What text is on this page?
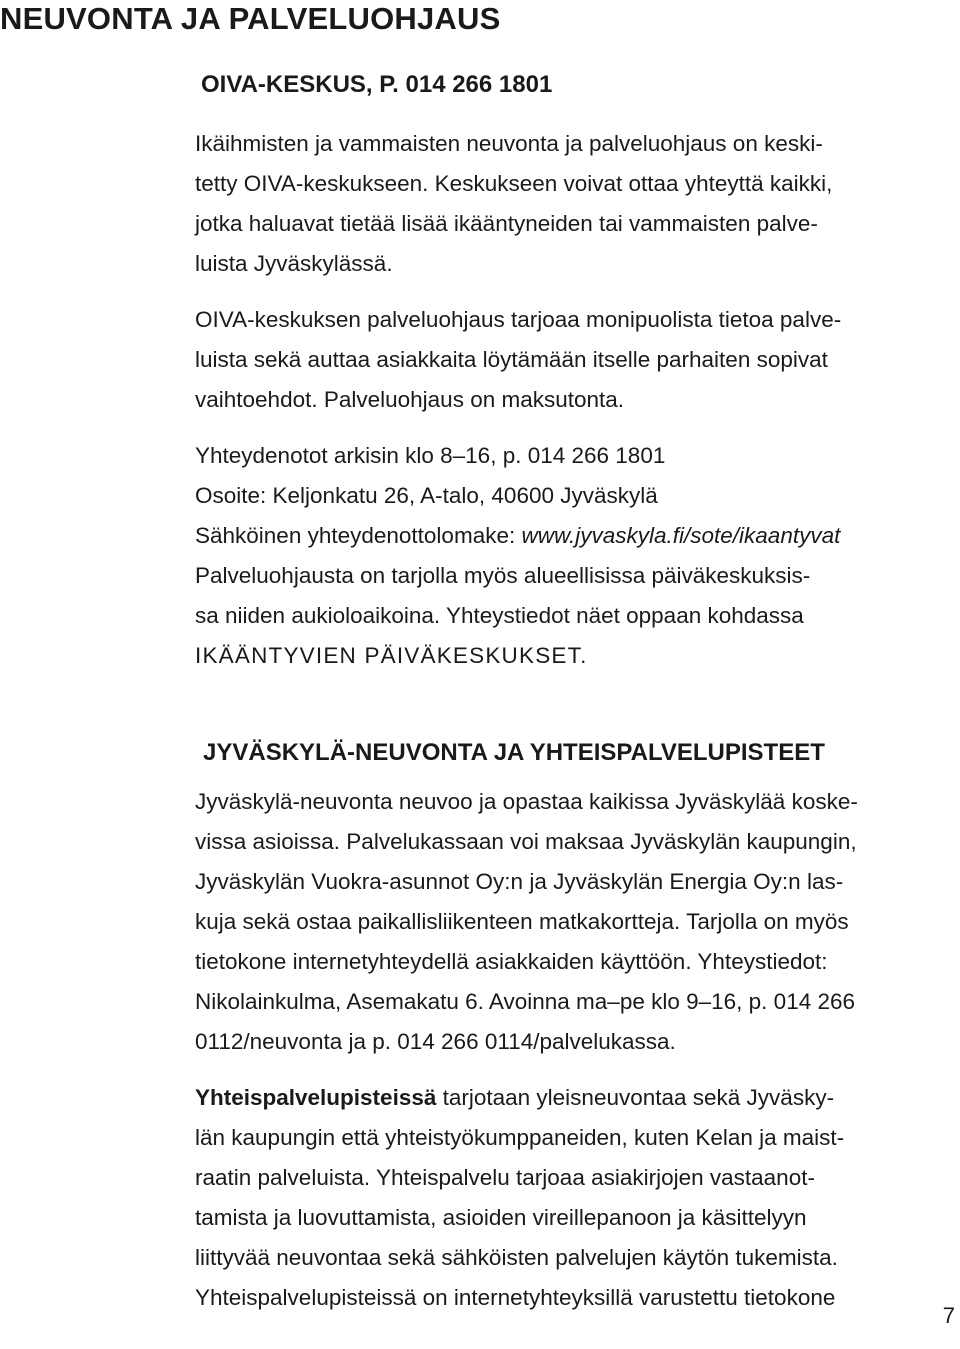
NEUVONTA JA PALVELUOHJAUS
OIVA-KESKUS, P. 014 266 1801

Ikäihmisten ja vammaisten neuvonta ja palveluohjaus on keski-
tetty OIVA-keskukseen. Keskukseen voivat ottaa yhteyttä kaikki,
jotka haluavat tietää lisää ikääntyneiden tai vammaisten palve-
luista Jyväskylässä.

OIVA-keskuksen palveluohjaus tarjoaa monipuolista tietoa palve-
luista sekä auttaa asiakkaita löytämään itselle parhaiten sopivat
vaihtoehdot. Palveluohjaus on maksutonta.

Yhteydenotot arkisin klo 8–16, p. 014 266 1801
Osoite: Keljonkatu 26, A-talo, 40600 Jyväskylä
Sähköinen yhteydenottolomake: www.jyvaskyla.fi/sote/ikaantyvat
Palveluohjausta on tarjolla myös alueellisissa päiväkeskuksis-
sa niiden aukioloaikoina. Yhteystiedot näet oppaan kohdassa
IKÄÄNTYVIEN PÄIVÄKESKUKSET.

JYVÄSKYLÄ-NEUVONTA JA YHTEISPALVELUPISTEET

Jyväskylä-neuvonta neuvoo ja opastaa kaikissa Jyväskylää koske-
vissa asioissa. Palvelukassaan voi maksaa Jyväskylän kaupungin,
Jyväskylän Vuokra-asunnot Oy:n ja Jyväskylän Energia Oy:n las-
kuja sekä ostaa paikallisliikenteen matkakortteja. Tarjolla on myös
tietokone internetyhteydellä asiakkaiden käyttöön. Yhteystiedot:
Nikolainkulma, Asemakatu 6. Avoinna ma–pe klo 9–16, p. 014 266
0112/neuvonta ja p. 014 266 0114/palvelukassa.

Yhteispalvelupisteissä tarjotaan yleisneuvontaa sekä Jyväsky-
län kaupungin että yhteistyökumppaneiden, kuten Kelan ja maist-
raatin palveluista. Yhteispalvelu tarjoaa asiakirjojen vastaanot-
tamista ja luovuttamista, asioiden vireillepanoon ja käsittelyyn
liittyvää neuvontaa sekä sähköisten palvelujen käytön tukemista.
Yhteispalvelupisteissä on internetyhteyksillä varustettu tietokone

7
